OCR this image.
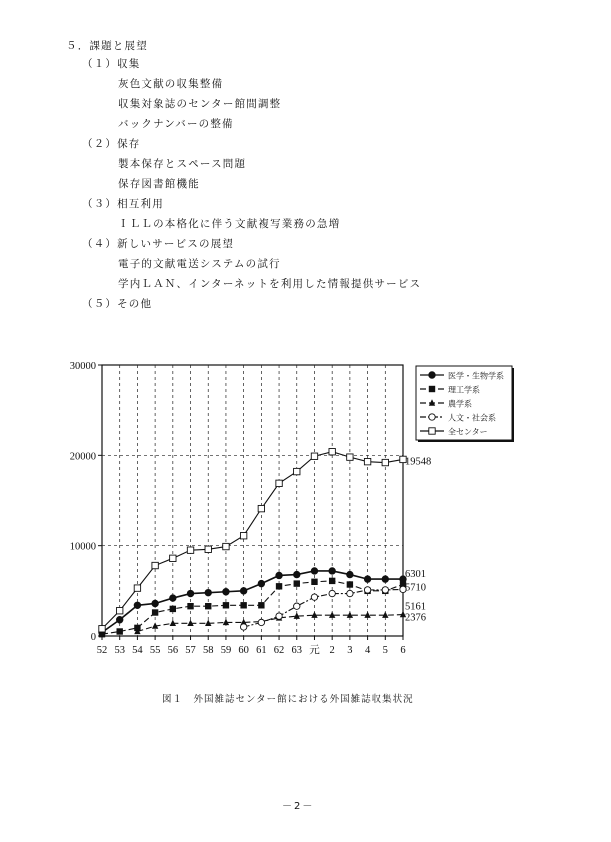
５．課題と展望
（１）収集
灰色文献の収集整備
収集対象誌のセンター館間調整
バックナンバーの整備
（２）保存
製本保存とスペース問題
保存図書館機能
（３）相互利用
ＩＬＬの本格化に伴う文献複写業務の急増
（４）新しいサービスの展望
電子的文献電送システムの試行
学内ＬＡＮ、インターネットを利用した情報提供サービス
（５）その他
0
10000
20000
30000
52 53 54 55 56 57 58 59 60 61 62 63 元 2 3 4 5 6
6301
5710
2376
5161
19548
医学・生物学系
理工学系
農学系
人文・社会系
全センター
図１　外国雑誌センター館における外国雑誌収集状況
－2－
